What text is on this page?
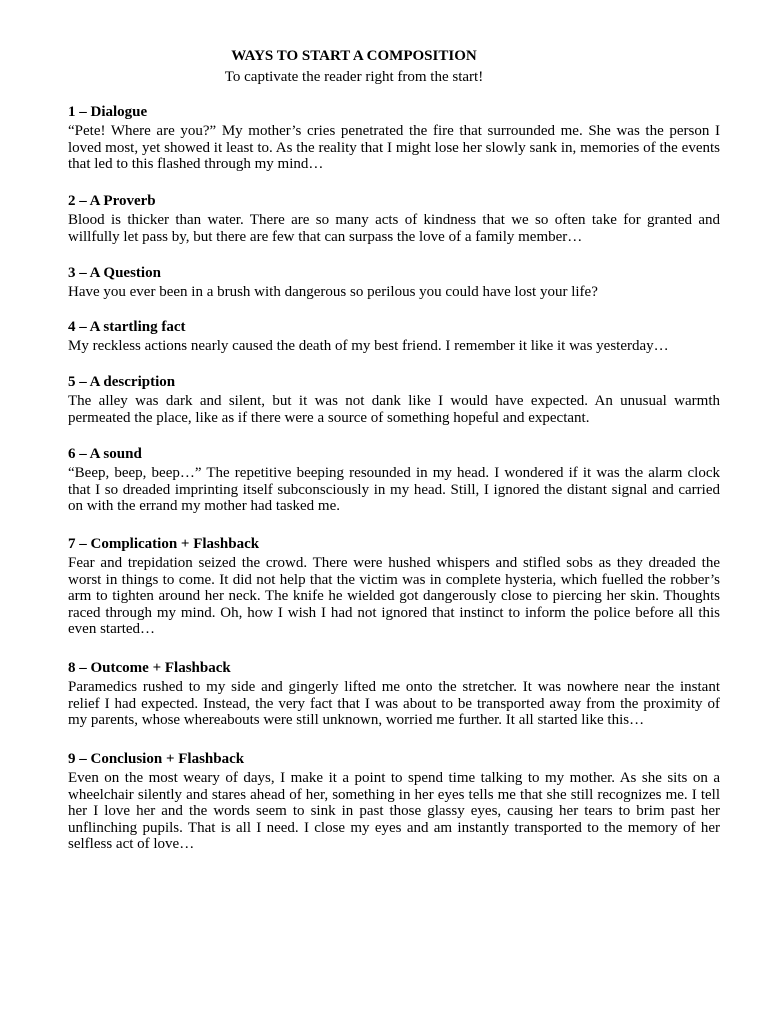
WAYS TO START A COMPOSITION

To captivate the reader right from the start!

1 – Dialogue

“Pete! Where are you?” My mother’s cries penetrated the fire that surrounded me. She was the person I loved most, yet showed it least to. As the reality that I might lose her slowly sank in, memories of the events that led to this flashed through my mind…

2 – A Proverb

Blood is thicker than water. There are so many acts of kindness that we so often take for granted and willfully let pass by, but there are few that can surpass the love of a family member…

3 – A Question

Have you ever been in a brush with dangerous so perilous you could have lost your life?

4 – A startling fact

My reckless actions nearly caused the death of my best friend. I remember it like it was yesterday…

5 – A description

The alley was dark and silent, but it was not dank like I would have expected. An unusual warmth permeated the place, like as if there were a source of something hopeful and expectant.

6 – A sound

“Beep, beep, beep…” The repetitive beeping resounded in my head. I wondered if it was the alarm clock that I so dreaded imprinting itself subconsciously in my head. Still, I ignored the distant signal and carried on with the errand my mother had tasked me.

7 – Complication + Flashback

Fear and trepidation seized the crowd. There were hushed whispers and stifled sobs as they dreaded the worst in things to come. It did not help that the victim was in complete hysteria, which fuelled the robber’s arm to tighten around her neck. The knife he wielded got dangerously close to piercing her skin. Thoughts raced through my mind. Oh, how I wish I had not ignored that instinct to inform the police before all this even started…

8 – Outcome + Flashback

Paramedics rushed to my side and gingerly lifted me onto the stretcher. It was nowhere near the instant relief I had expected. Instead, the very fact that I was about to be transported away from the proximity of my parents, whose whereabouts were still unknown, worried me further. It all started like this…

9 – Conclusion + Flashback

Even on the most weary of days, I make it a point to spend time talking to my mother. As she sits on a wheelchair silently and stares ahead of her, something in her eyes tells me that she still recognizes me. I tell her I love her and the words seem to sink in past those glassy eyes, causing her tears to brim past her unflinching pupils. That is all I need. I close my eyes and am instantly transported to the memory of her selfless act of love…
